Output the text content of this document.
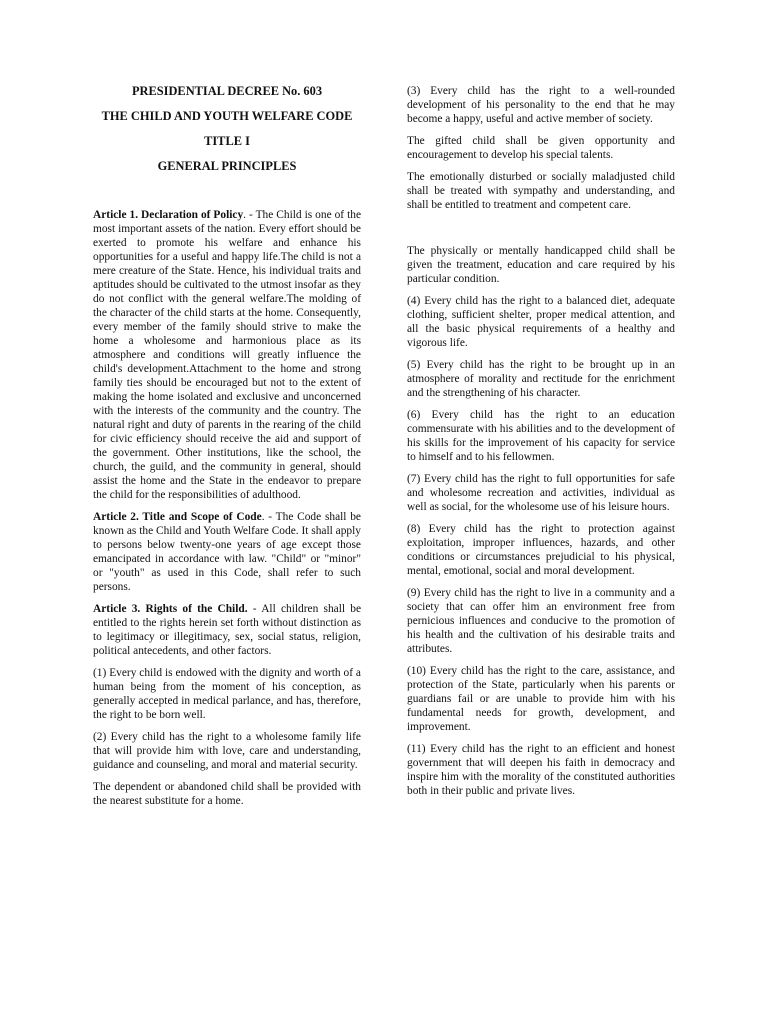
PRESIDENTIAL DECREE No. 603
THE CHILD AND YOUTH WELFARE CODE
TITLE I
GENERAL PRINCIPLES

Article 1. Declaration of Policy. - The Child is one of the most important assets of the nation. Every effort should be exerted to promote his welfare and enhance his opportunities for a useful and happy life.The child is not a mere creature of the State. Hence, his individual traits and aptitudes should be cultivated to the utmost insofar as they do not conflict with the general welfare.The molding of the character of the child starts at the home. Consequently, every member of the family should strive to make the home a wholesome and harmonious place as its atmosphere and conditions will greatly influence the child's development.Attachment to the home and strong family ties should be encouraged but not to the extent of making the home isolated and exclusive and unconcerned with the interests of the community and the country. The natural right and duty of parents in the rearing of the child for civic efficiency should receive the aid and support of the government. Other institutions, like the school, the church, the guild, and the community in general, should assist the home and the State in the endeavor to prepare the child for the responsibilities of adulthood.

Article 2. Title and Scope of Code. - The Code shall be known as the Child and Youth Welfare Code. It shall apply to persons below twenty-one years of age except those emancipated in accordance with law. "Child" or "minor" or "youth" as used in this Code, shall refer to such persons.

Article 3. Rights of the Child. - All children shall be entitled to the rights herein set forth without distinction as to legitimacy or illegitimacy, sex, social status, religion, political antecedents, and other factors.

(1) Every child is endowed with the dignity and worth of a human being from the moment of his conception, as generally accepted in medical parlance, and has, therefore, the right to be born well.

(2) Every child has the right to a wholesome family life that will provide him with love, care and understanding, guidance and counseling, and moral and material security.

The dependent or abandoned child shall be provided with the nearest substitute for a home.

(3) Every child has the right to a well-rounded development of his personality to the end that he may become a happy, useful and active member of society.

The gifted child shall be given opportunity and encouragement to develop his special talents.

The emotionally disturbed or socially maladjusted child shall be treated with sympathy and understanding, and shall be entitled to treatment and competent care.

The physically or mentally handicapped child shall be given the treatment, education and care required by his particular condition.

(4) Every child has the right to a balanced diet, adequate clothing, sufficient shelter, proper medical attention, and all the basic physical requirements of a healthy and vigorous life.

(5) Every child has the right to be brought up in an atmosphere of morality and rectitude for the enrichment and the strengthening of his character.

(6) Every child has the right to an education commensurate with his abilities and to the development of his skills for the improvement of his capacity for service to himself and to his fellowmen.

(7) Every child has the right to full opportunities for safe and wholesome recreation and activities, individual as well as social, for the wholesome use of his leisure hours.

(8) Every child has the right to protection against exploitation, improper influences, hazards, and other conditions or circumstances prejudicial to his physical, mental, emotional, social and moral development.

(9) Every child has the right to live in a community and a society that can offer him an environment free from pernicious influences and conducive to the promotion of his health and the cultivation of his desirable traits and attributes.

(10) Every child has the right to the care, assistance, and protection of the State, particularly when his parents or guardians fail or are unable to provide him with his fundamental needs for growth, development, and improvement.

(11) Every child has the right to an efficient and honest government that will deepen his faith in democracy and inspire him with the morality of the constituted authorities both in their public and private lives.
